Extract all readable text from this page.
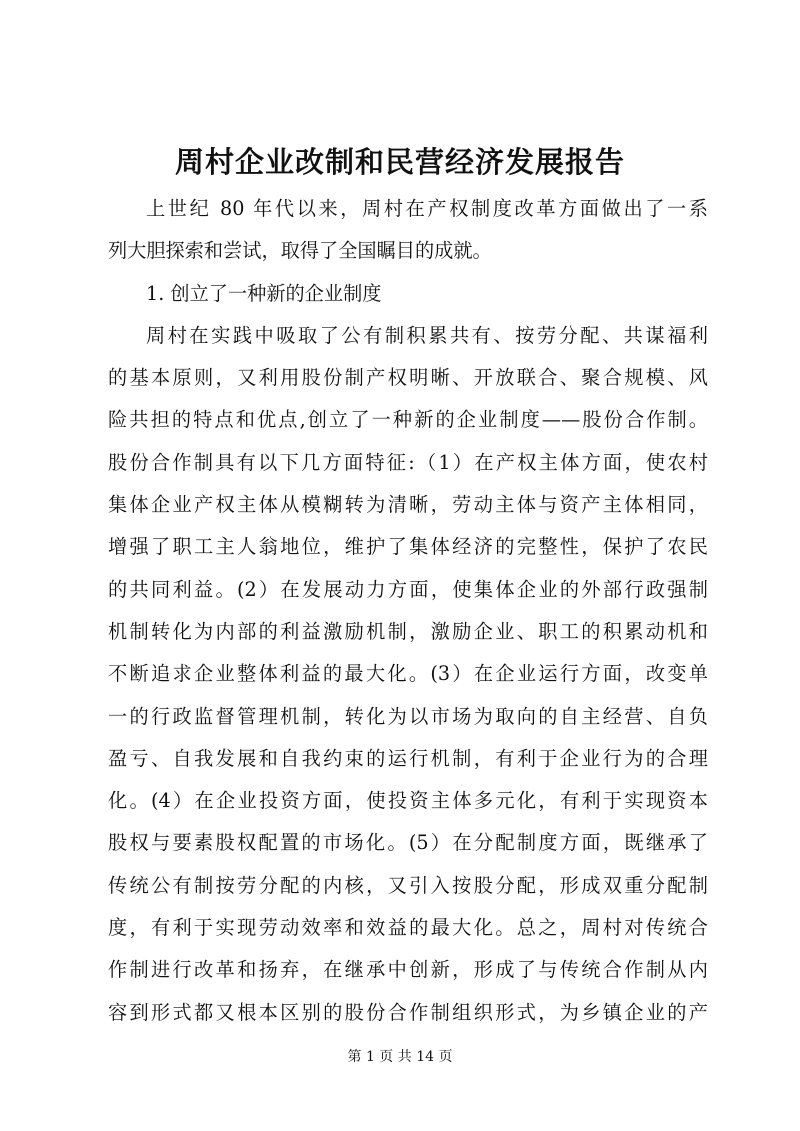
周村企业改制和民营经济发展报告
上世纪 80 年代以来，周村在产权制度改革方面做出了一系
列大胆探索和尝试，取得了全国瞩目的成就。
1. 创立了一种新的企业制度
周村在实践中吸取了公有制积累共有、按劳分配、共谋福利
的基本原则，又利用股份制产权明晰、开放联合、聚合规模、风
险共担的特点和优点,创立了一种新的企业制度——股份合作制。
股份合作制具有以下几方面特征:（1）在产权主体方面，使农村
集体企业产权主体从模糊转为清晰，劳动主体与资产主体相同，
增强了职工主人翁地位，维护了集体经济的完整性，保护了农民
的共同利益。(2）在发展动力方面，使集体企业的外部行政强制
机制转化为内部的利益激励机制，激励企业、职工的积累动机和
不断追求企业整体利益的最大化。(3）在企业运行方面，改变单
一的行政监督管理机制，转化为以市场为取向的自主经营、自负
盈亏、自我发展和自我约束的运行机制，有利于企业行为的合理
化。(4）在企业投资方面，使投资主体多元化，有利于实现资本
股权与要素股权配置的市场化。(5）在分配制度方面，既继承了
传统公有制按劳分配的内核，又引入按股分配，形成双重分配制
度，有利于实现劳动效率和效益的最大化。总之，周村对传统合
作制进行改革和扬弃，在继承中创新，形成了与传统合作制从内
容到形式都又根本区别的股份合作制组织形式，为乡镇企业的产
第 1 页 共 14 页
